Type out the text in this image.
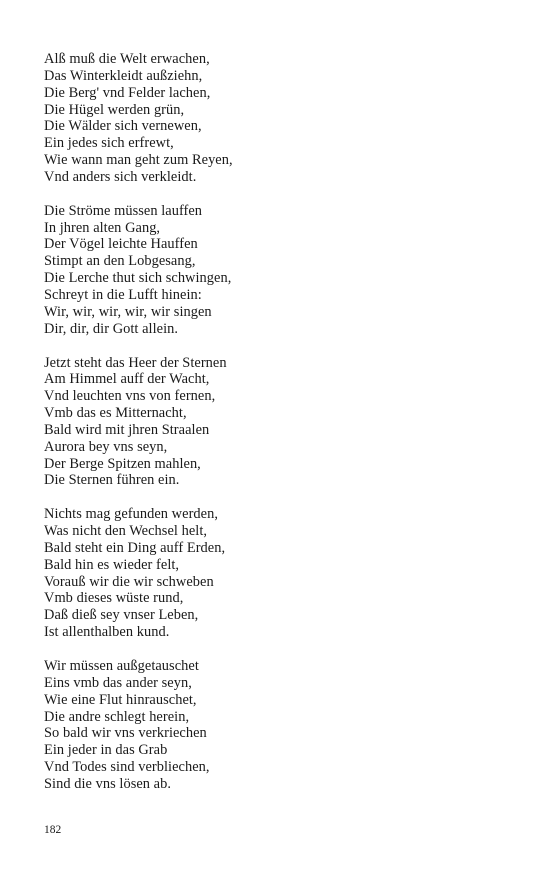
Alß muß die Welt erwachen,
Das Winterkleidt außziehn,
Die Berg' vnd Felder lachen,
Die Hügel werden grün,
Die Wälder sich vernewen,
Ein jedes sich erfrewt,
Wie wann man geht zum Reyen,
Vnd anders sich verkleidt.
Die Ströme müssen lauffen
In jhren alten Gang,
Der Vögel leichte Hauffen
Stimpt an den Lobgesang,
Die Lerche thut sich schwingen,
Schreyt in die Lufft hinein:
Wir, wir, wir, wir, wir singen
Dir, dir, dir Gott allein.
Jetzt steht das Heer der Sternen
Am Himmel auff der Wacht,
Vnd leuchten vns von fernen,
Vmb das es Mitternacht,
Bald wird mit jhren Straalen
Aurora bey vns seyn,
Der Berge Spitzen mahlen,
Die Sternen führen ein.
Nichts mag gefunden werden,
Was nicht den Wechsel helt,
Bald steht ein Ding auff Erden,
Bald hin es wieder felt,
Vorauß wir die wir schweben
Vmb dieses wüste rund,
Daß dieß sey vnser Leben,
Ist allenthalben kund.
Wir müssen außgetauschet
Eins vmb das ander seyn,
Wie eine Flut hinrauschet,
Die andre schlegt herein,
So bald wir vns verkriechen
Ein jeder in das Grab
Vnd Todes sind verbliechen,
Sind die vns lösen ab.
182
